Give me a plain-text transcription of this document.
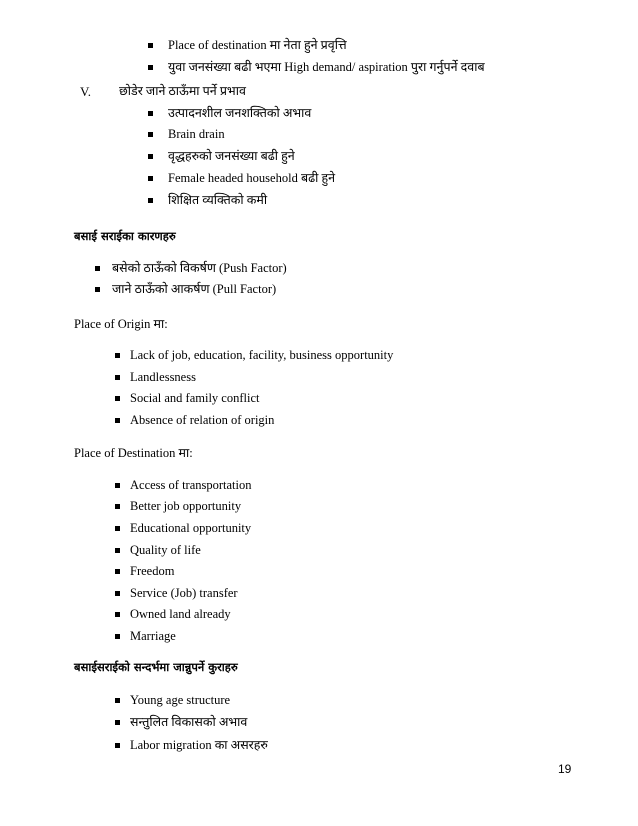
Place of destination मा नेता हुने प्रवृत्ति
युवा जनसंख्या बढी भएमा High demand/ aspiration पुरा गर्नुपर्ने दवाब
V. छोडेर जाने ठाऊँमा पर्ने प्रभाव
उत्पादनशील जनशक्तिको अभाव
Brain drain
वृद्धहरुको जनसंख्या बढी हुने
Female headed household बढी हुने
शिक्षित व्यक्तिको कमी
बसाई सराईका कारणहरु
बसेको ठाऊँको विकर्षण (Push Factor)
जाने ठाऊँको आकर्षण (Pull Factor)
Place of Origin मा:
Lack of job, education, facility, business opportunity
Landlessness
Social and family conflict
Absence of relation of origin
Place of Destination मा:
Access of transportation
Better job opportunity
Educational opportunity
Quality of life
Freedom
Service (Job) transfer
Owned land already
Marriage
बसाईसराईको सन्दर्भमा जान्नुपर्ने कुराहरु
Young age structure
सन्तुलित विकासको अभाव
Labor migration का असरहरु
19
